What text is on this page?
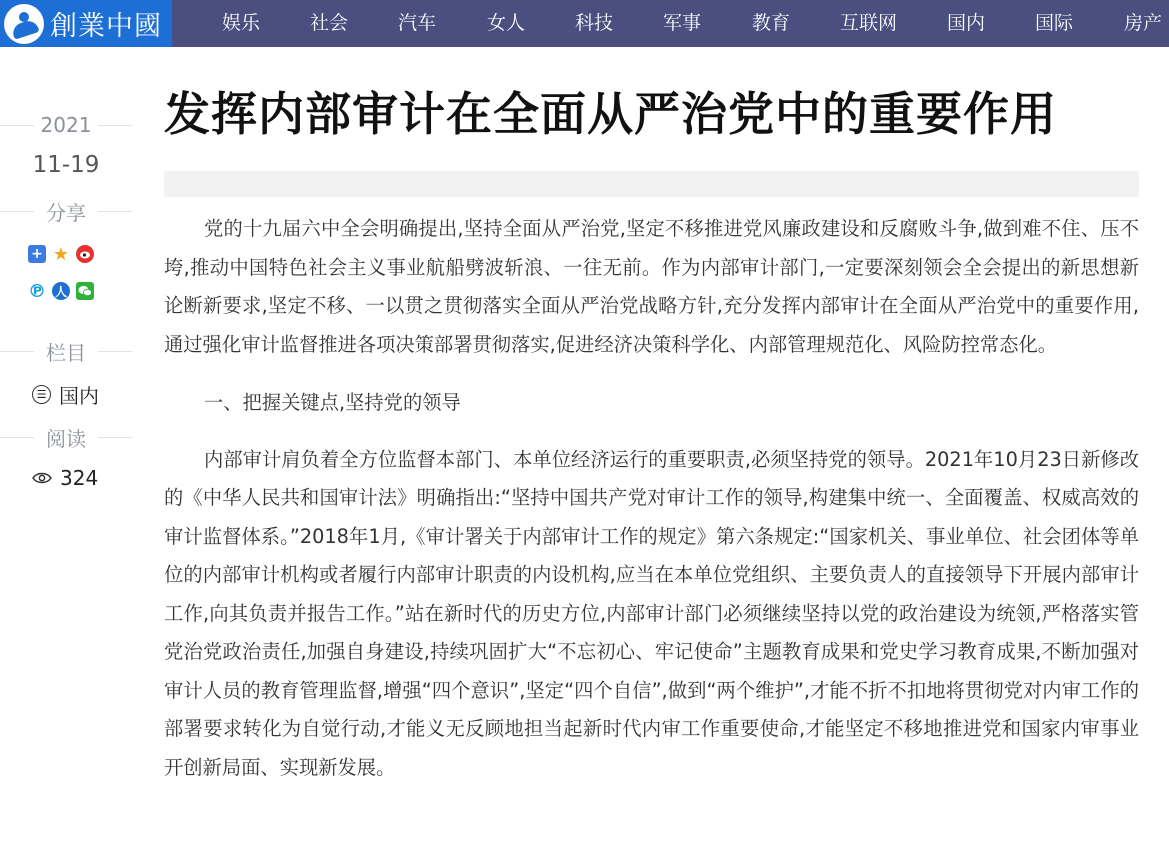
創業中國	娱乐	社会	汽车	女人	科技	军事	教育	互联网	国内	国际	房产
2021
11-19
分享
+ ★
℗ 人
栏目
☰ 国内
阅读
324
发挥内部审计在全面从严治党中的重要作用

党的十九届六中全会明确提出,坚持全面从严治党,坚定不移推进党风廉政建设和反腐败斗争,做到难不住、压不垮,推动中国特色社会主义事业航船劈波斩浪、一往无前。作为内部审计部门,一定要深刻领会全会提出的新思想新论断新要求,坚定不移、一以贯之贯彻落实全面从严治党战略方针,充分发挥内部审计在全面从严治党中的重要作用,通过强化审计监督推进各项决策部署贯彻落实,促进经济决策科学化、内部管理规范化、风险防控常态化。

一、把握关键点,坚持党的领导

内部审计肩负着全方位监督本部门、本单位经济运行的重要职责,必须坚持党的领导。2021年10月23日新修改的《中华人民共和国审计法》明确指出:“坚持中国共产党对审计工作的领导,构建集中统一、全面覆盖、权威高效的审计监督体系。”2018年1月,《审计署关于内部审计工作的规定》第六条规定:“国家机关、事业单位、社会团体等单位的内部审计机构或者履行内部审计职责的内设机构,应当在本单位党组织、主要负责人的直接领导下开展内部审计工作,向其负责并报告工作。”站在新时代的历史方位,内部审计部门必须继续坚持以党的政治建设为统领,严格落实管党治党政治责任,加强自身建设,持续巩固扩大“不忘初心、牢记使命”主题教育成果和党史学习教育成果,不断加强对审计人员的教育管理监督,增强“四个意识”,坚定“四个自信”,做到“两个维护”,才能不折不扣地将贯彻党对内审工作的部署要求转化为自觉行动,才能义无反顾地担当起新时代内审工作重要使命,才能坚定不移地推进党和国家内审事业开创新局面、实现新发展。
